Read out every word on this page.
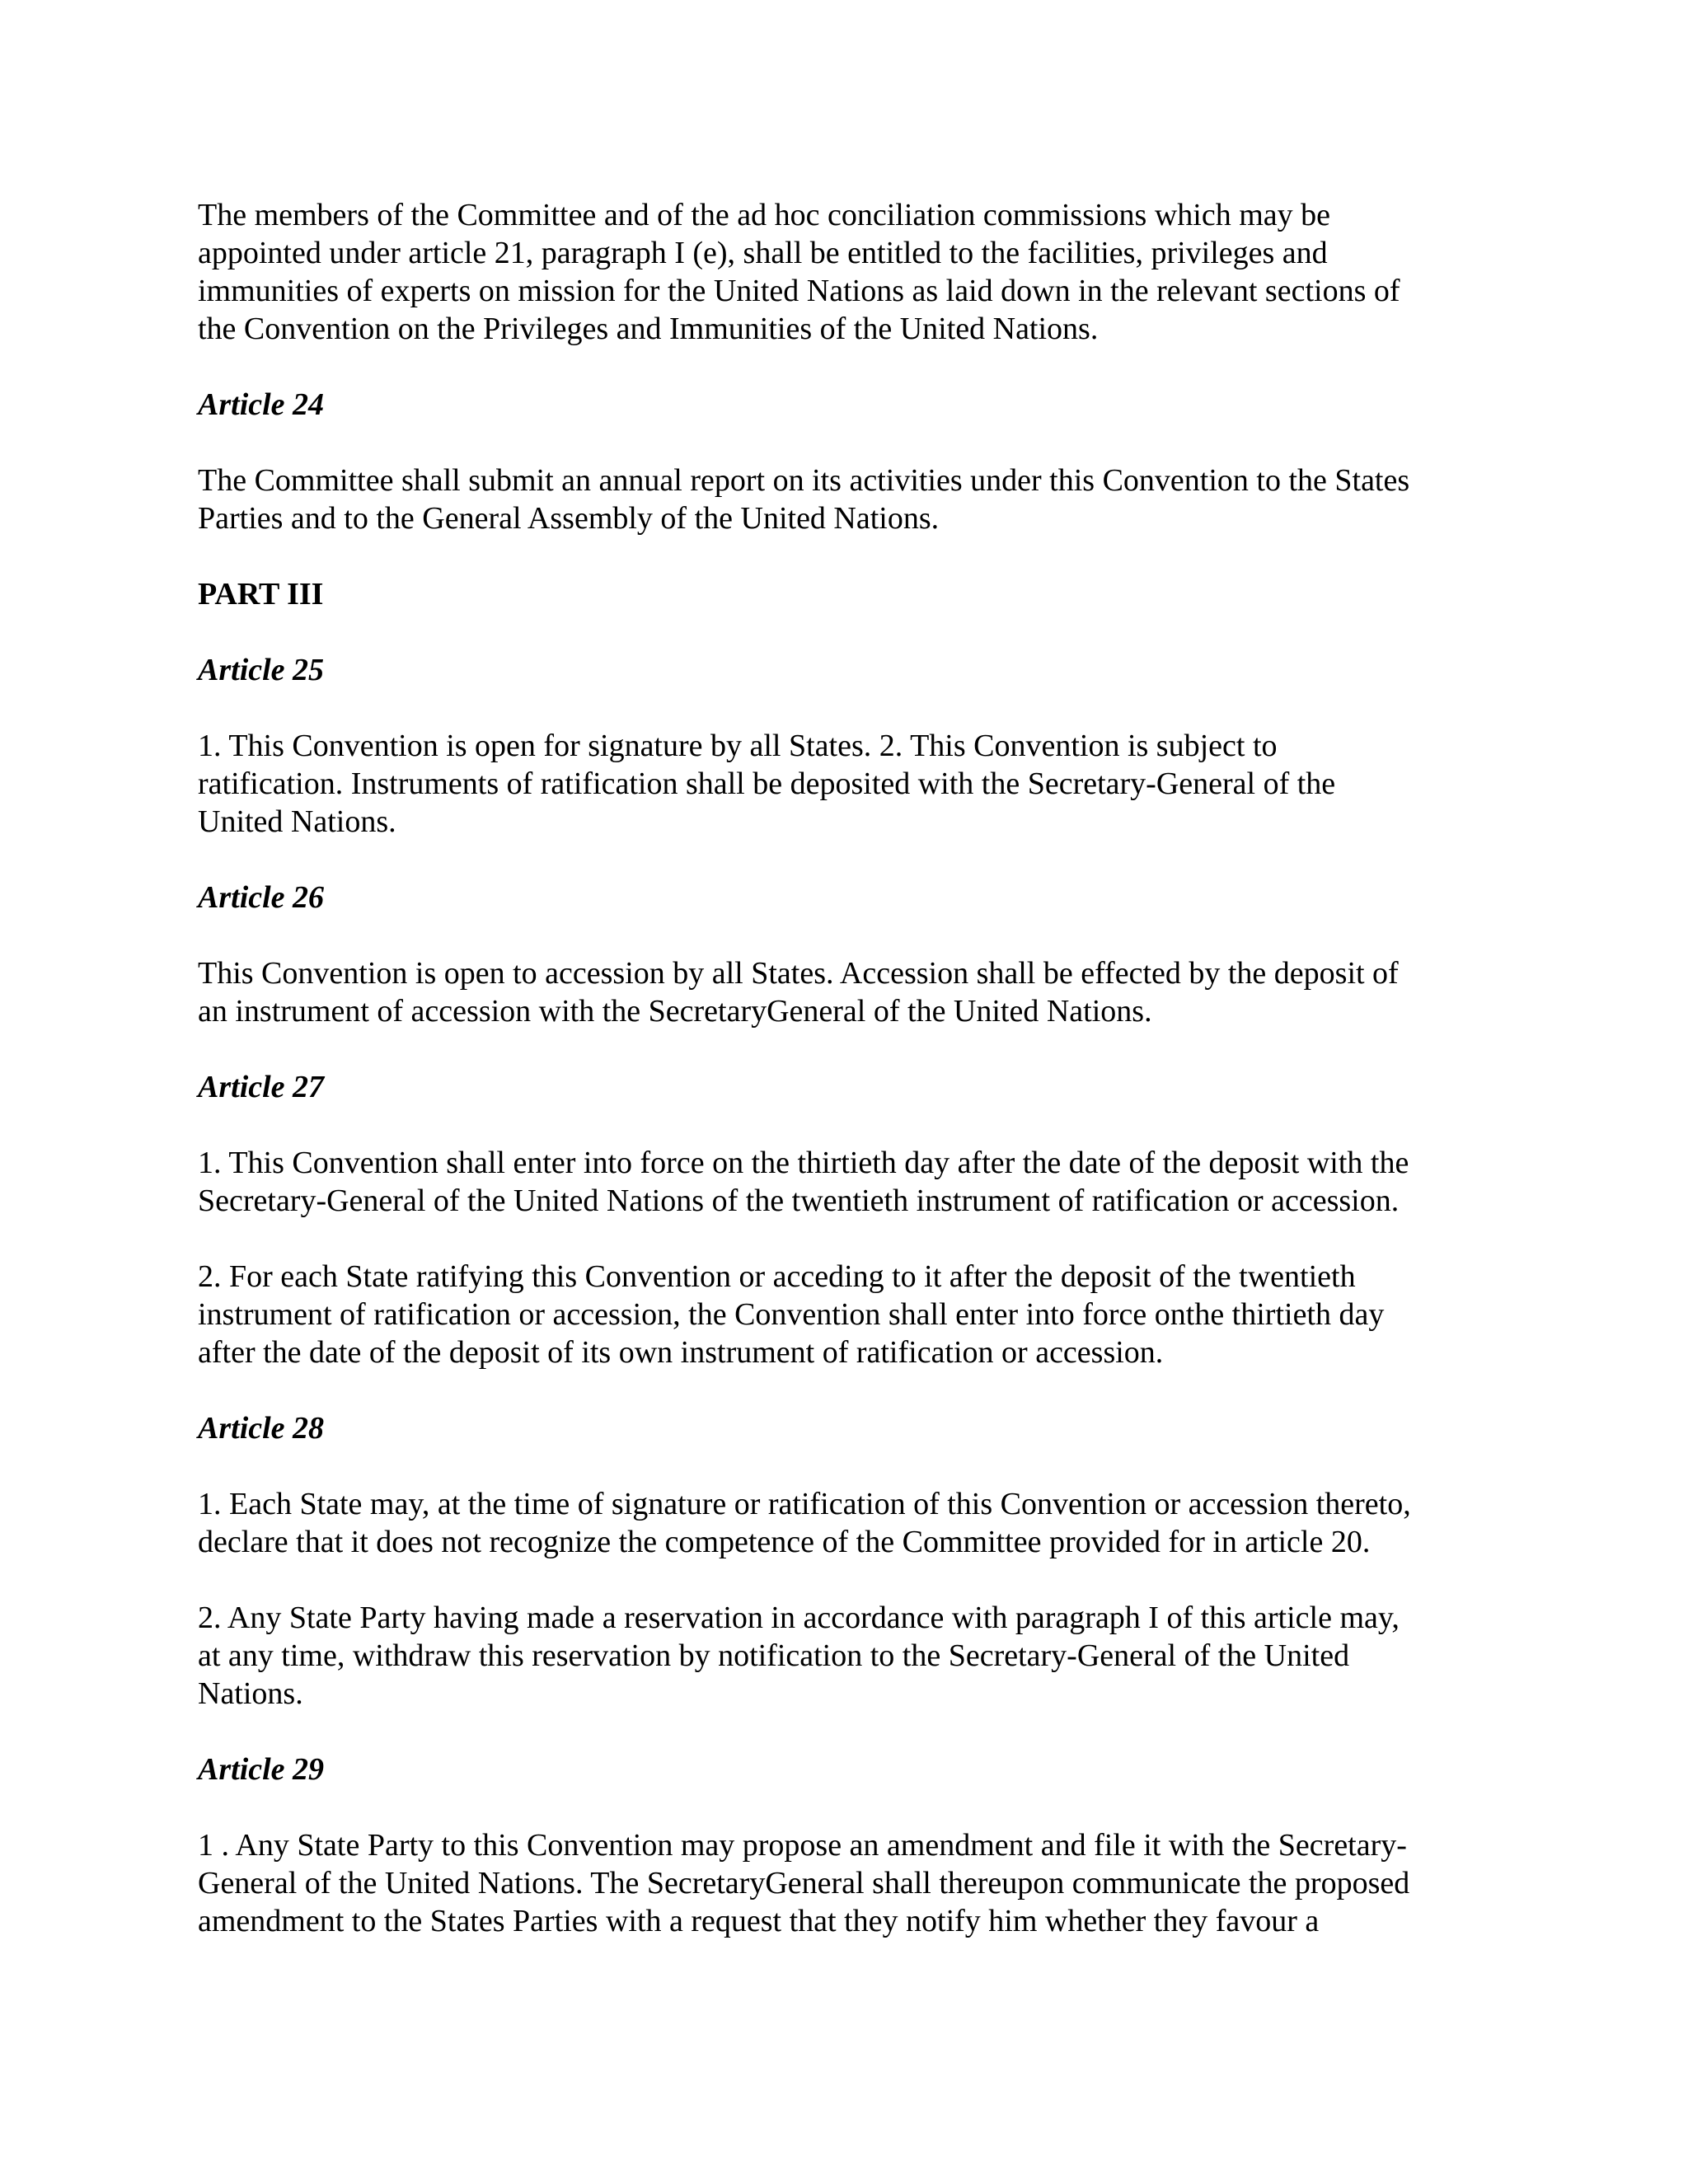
The members of the Committee and of the ad hoc conciliation commissions which may be
appointed under article 21, paragraph I (e), shall be entitled to the facilities, privileges and
immunities of experts on mission for the United Nations as laid down in the relevant sections of
the Convention on the Privileges and Immunities of the United Nations.
Article 24
The Committee shall submit an annual report on its activities under this Convention to the States
Parties and to the General Assembly of the United Nations.
PART III
Article 25
1. This Convention is open for signature by all States. 2. This Convention is subject to
ratification. Instruments of ratification shall be deposited with the Secretary-General of the
United Nations.
Article 26
This Convention is open to accession by all States. Accession shall be effected by the deposit of
an instrument of accession with the SecretaryGeneral of the United Nations.
Article 27
1. This Convention shall enter into force on the thirtieth day after the date of the deposit with the
Secretary-General of the United Nations of the twentieth instrument of ratification or accession.
2. For each State ratifying this Convention or acceding to it after the deposit of the twentieth
instrument of ratification or accession, the Convention shall enter into force onthe thirtieth day
after the date of the deposit of its own instrument of ratification or accession.
Article 28
1. Each State may, at the time of signature or ratification of this Convention or accession thereto,
declare that it does not recognize the competence of the Committee provided for in article 20.
2. Any State Party having made a reservation in accordance with paragraph I of this article may,
at any time, withdraw this reservation by notification to the Secretary-General of the United
Nations.
Article 29
1 . Any State Party to this Convention may propose an amendment and file it with the Secretary-
General of the United Nations. The SecretaryGeneral shall thereupon communicate the proposed
amendment to the States Parties with a request that they notify him whether they favour a
